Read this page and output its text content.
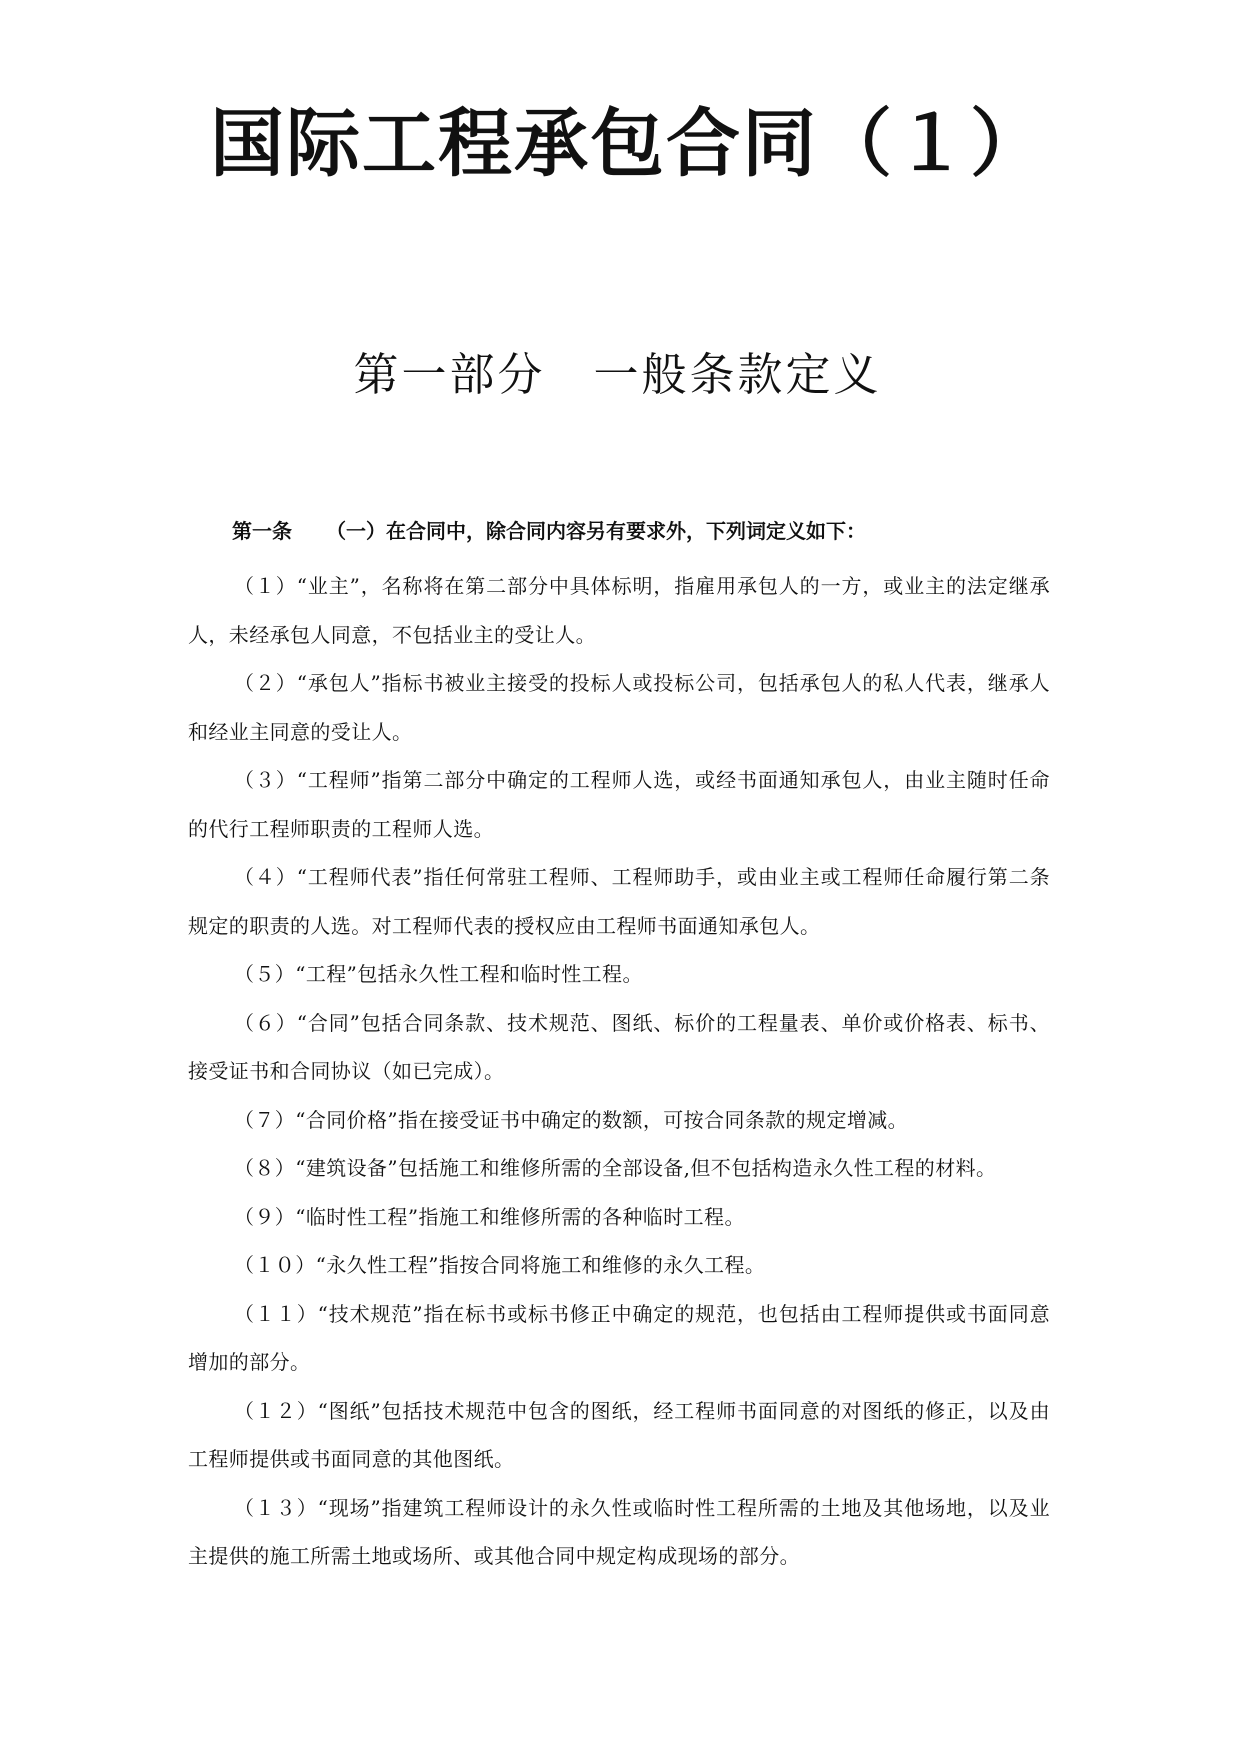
国际工程承包合同（１）
第一部分　一般条款定义
第一条 （一）在合同中，除合同内容另有要求外，下列词定义如下：

（１）“业主”，名称将在第二部分中具体标明，指雇用承包人的一方，或业主的法定继承人，未经承包人同意，不包括业主的受让人。

（２）“承包人”指标书被业主接受的投标人或投标公司，包括承包人的私人代表，继承人和经业主同意的受让人。

（３）“工程师”指第二部分中确定的工程师人选，或经书面通知承包人，由业主随时任命的代行工程师职责的工程师人选。

（４）“工程师代表”指任何常驻工程师、工程师助手，或由业主或工程师任命履行第二条规定的职责的人选。对工程师代表的授权应由工程师书面通知承包人。

（５）“工程”包括永久性工程和临时性工程。

（６）“合同”包括合同条款、技术规范、图纸、标价的工程量表、单价或价格表、标书、接受证书和合同协议（如已完成）。

（７）“合同价格”指在接受证书中确定的数额，可按合同条款的规定增减。

（８）“建筑设备”包括施工和维修所需的全部设备,但不包括构造永久性工程的材料。

（９）“临时性工程”指施工和维修所需的各种临时工程。

（１０）“永久性工程”指按合同将施工和维修的永久工程。

（１１）“技术规范”指在标书或标书修正中确定的规范，也包括由工程师提供或书面同意增加的部分。

（１２）“图纸”包括技术规范中包含的图纸，经工程师书面同意的对图纸的修正，以及由工程师提供或书面同意的其他图纸。

（１３）“现场”指建筑工程师设计的永久性或临时性工程所需的土地及其他场地，以及业主提供的施工所需土地或场所、或其他合同中规定构成现场的部分。
